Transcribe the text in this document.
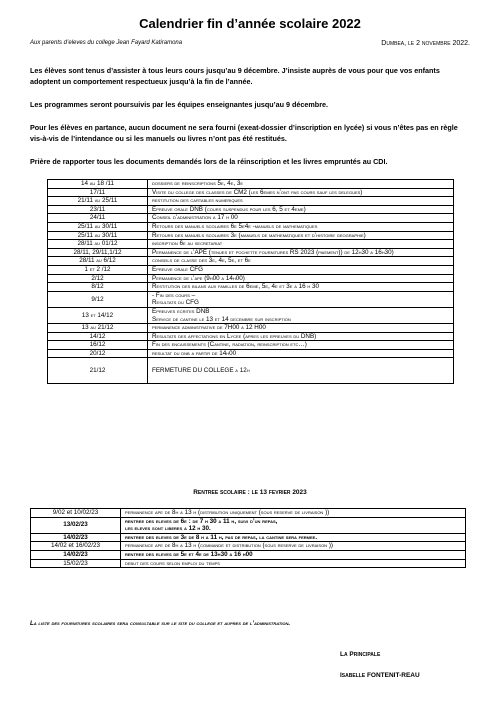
Calendrier fin d’année scolaire 2022
Aux parents d’eleves du college Jean Fayard Katiramona	Dumbea, le 2 novembre 2022.

Les élèves sont tenus d’assister à tous leurs cours jusqu’au 9 décembre. J’insiste auprès de vous pour que vos enfants adoptent un comportement respectueux jusqu’à la fin de l’année.

Les programmes seront poursuivis par les équipes enseignantes jusqu’au 9 décembre.

Pour les élèves en partance, aucun document ne sera fourni (exeat-dossier d’inscription en lycée) si vous n’êtes pas en règle vis-à-vis de l’intendance ou si les manuels ou livres n’ont pas été restitués.

Prière de rapporter tous les documents demandés lors de la réinscription et les livres empruntés au CDI.

14 au 18 /11	dossiers de reinscriptions 5e, 4e, 3e
17/11	Visite du college des classes de CM2 (les 6emes n’ont pas cours sauf les delegues)
21/11 au 25/11	restitution des cartables numeriques
23/11	Epreuve orale DNB (cours suspendus pour les 6, 5 et 4eme)
24/11	Conseil d’administration a 17 h 00
25/11 au 30/11	Retours des manuels scolaires 6e 5e4e -manuels de mathematiques
25/11 au 30/11	Retours des manuels scolaires 3e (manuels de mathematiques et d’histoire geographie)
28/11 au 01/12	inscription 6e au secretariat
28/11, 29/11,1/12	Permanence de l’APE (tenues et pochette fournitures RS 2023 (paiement)) de 12h30 a 16h30)
28/11 au 6/12	conseils de classe des 3e, 4e, 5e, et 6e
1 et 2 /12	Epreuve orale CFG
2/12	Permanence de l’ape (9h00 a 14h00)
8/12	Restitution des bilans aux familles de 6eme, 5e, 4e et 3e a 16 h 30
9/12	- Fin des cours –
Resultats du CFG
13 et 14/12	Epreuves ecrites DNB
Service de cantine le 13 et 14 decembre sur inscription
13 au 21/12	permanence administrative de 7H00 a 12 H00
14/12	Resultats des affectations en Lycee (apres les epreuves du DNB)
16/12	Fin des encaissements (Cantine, radiation, reinscription etc…)
20/12	resultat du dnb a partir de 14h00
21/12	FERMETURE DU COLLEGE a 12h
Rentree scolaire : le 13 fevrier 2023
9/02 et 10/02/23	permanence ape de 8h a 13 h (distribution uniquement (sous reserve de livraison ))
13/02/23	rentree des eleves de 6e : de 7 h 30 a 11 h, suivi d’un repas,
les eleves sont liberes a 12 h 30.
14/02/23	rentree des eleves de 3e de 8 h a 11 h, pas de repas, la cantine sera fermee.
14/02 et 16/02/23	permanence ape de 8h a 13 h (commande et distribution (sous reserve de livraison ))
14/02/23	rentree des eleves de 5e et 4e de 13h30 a 16 h00
15/02/23	debut des cours selon emploi du temps
La liste des fournitures scolaires sera consultable sur le site du college et aupres de l’administration.
La Principale
Isabelle FONTENIT-REAU
